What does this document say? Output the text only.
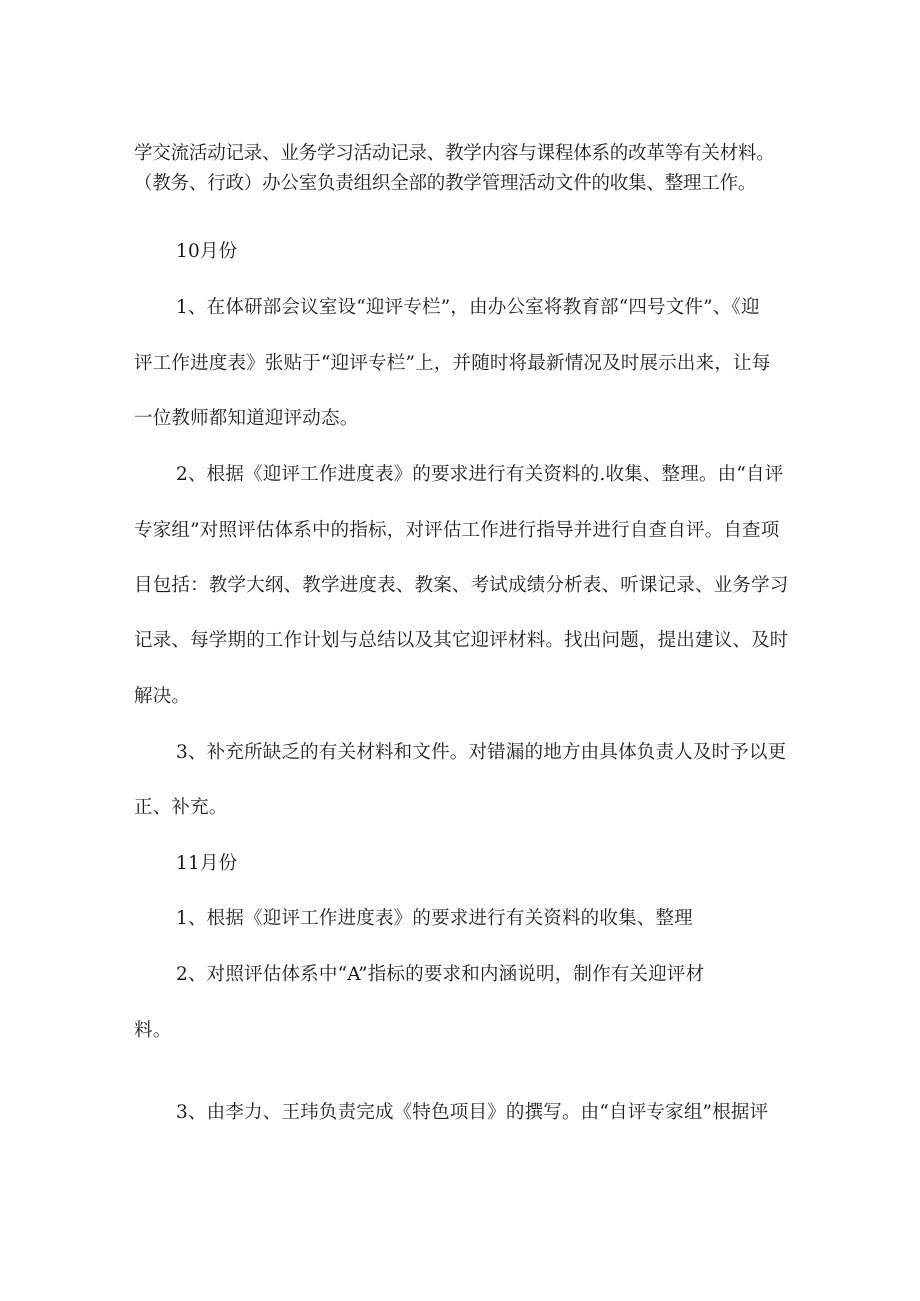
学交流活动记录、业务学习活动记录、教学内容与课程体系的改革等有关材料。

（教务、行政）办公室负责组织全部的教学管理活动文件的收集、整理工作。

10月份

1、在体研部会议室设“迎评专栏”，由办公室将教育部“四号文件”、《迎

评工作进度表》张贴于“迎评专栏”上，并随时将最新情况及时展示出来，让每

一位教师都知道迎评动态。

2、根据《迎评工作进度表》的要求进行有关资料的.收集、整理。由“自评

专家组”对照评估体系中的指标，对评估工作进行指导并进行自查自评。自查项

目包括：教学大纲、教学进度表、教案、考试成绩分析表、听课记录、业务学习

记录、每学期的工作计划与总结以及其它迎评材料。找出问题，提出建议、及时

解决。

3、补充所缺乏的有关材料和文件。对错漏的地方由具体负责人及时予以更

正、补充。

11月份

1、根据《迎评工作进度表》的要求进行有关资料的收集、整理

2、对照评估体系中“A”指标的要求和内涵说明，制作有关迎评材

料。

3、由李力、王玮负责完成《特色项目》的撰写。由“自评专家组”根据评
